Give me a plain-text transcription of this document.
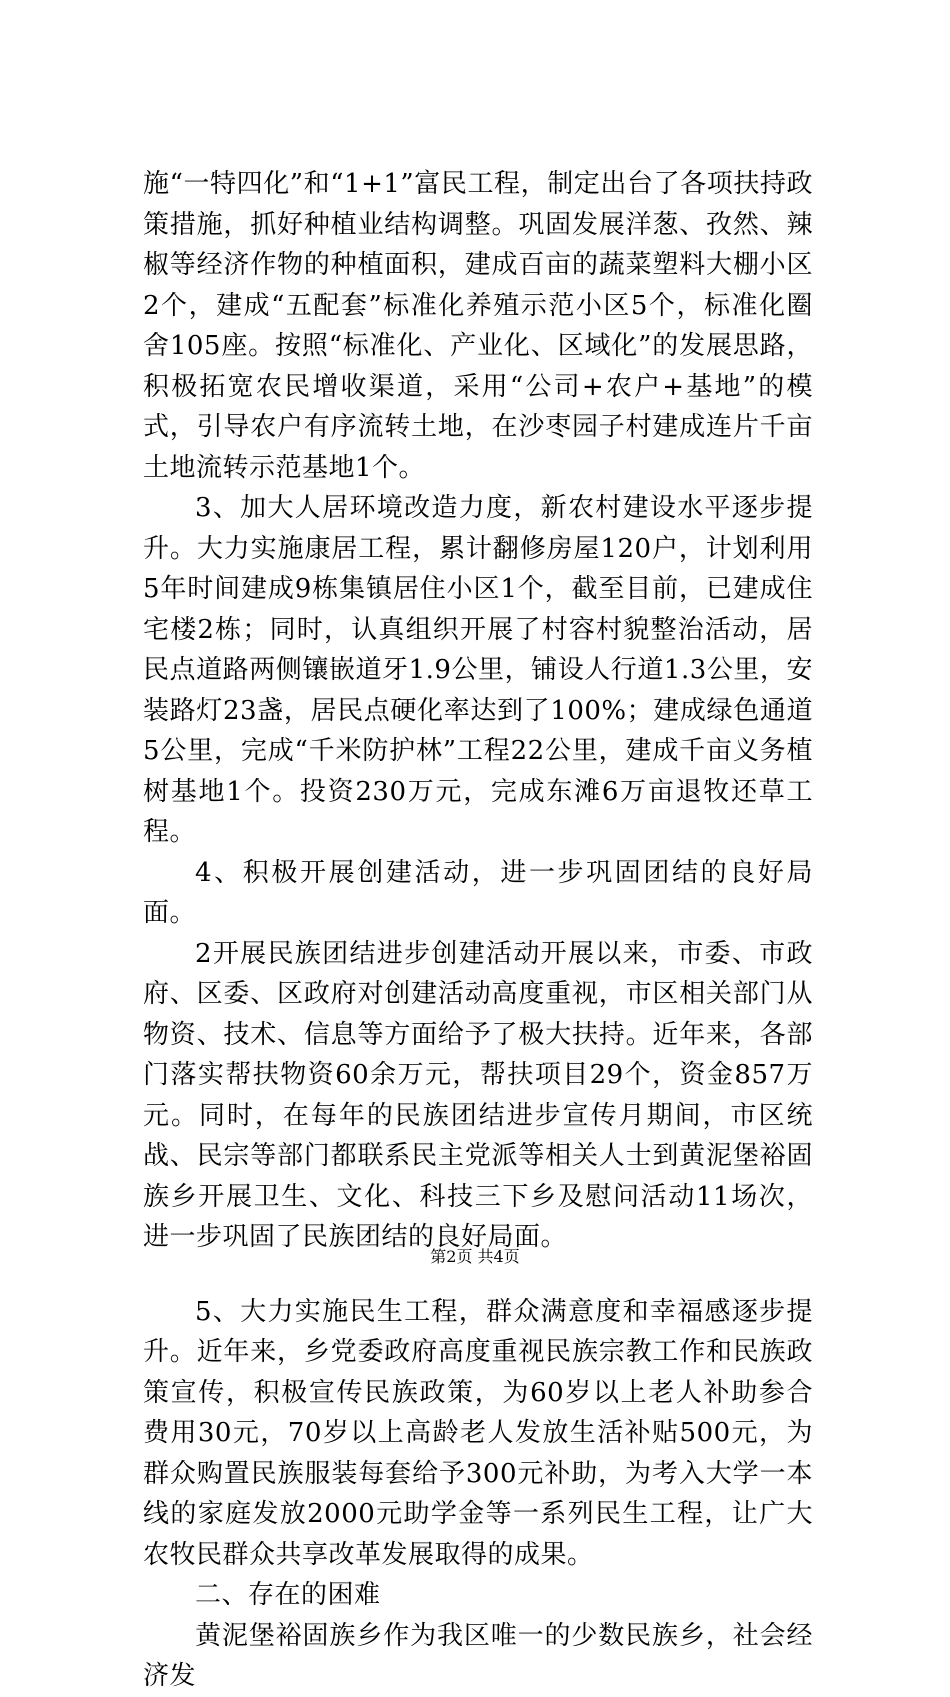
施“一特四化”和“1+1”富民工程，制定出台了各项扶持政策措施，抓好种植业结构调整。巩固发展洋葱、孜然、辣椒等经济作物的种植面积，建成百亩的蔬菜塑料大棚小区2个，建成“五配套”标准化养殖示范小区5个，标准化圈舍105座。按照“标准化、产业化、区域化”的发展思路，积极拓宽农民增收渠道，采用“公司+农户+基地”的模式，引导农户有序流转土地，在沙枣园子村建成连片千亩土地流转示范基地1个。

3、加大人居环境改造力度，新农村建设水平逐步提升。大力实施康居工程，累计翻修房屋120户，计划利用5年时间建成9栋集镇居住小区1个，截至目前，已建成住宅楼2栋；同时，认真组织开展了村容村貌整治活动，居民点道路两侧镶嵌道牙1.9公里，铺设人行道1.3公里，安装路灯23盏，居民点硬化率达到了100%；建成绿色通道5公里，完成“千米防护林”工程22公里，建成千亩义务植树基地1个。投资230万元，完成东滩6万亩退牧还草工程。

4、积极开展创建活动，进一步巩固团结的良好局面。

2开展民族团结进步创建活动开展以来，市委、市政府、区委、区政府对创建活动高度重视，市区相关部门从物资、技术、信息等方面给予了极大扶持。近年来，各部门落实帮扶物资60余万元，帮扶项目29个，资金857万元。同时，在每年的民族团结进步宣传月期间，市区统战、民宗等部门都联系民主党派等相关人士到黄泥堡裕固族乡开展卫生、文化、科技三下乡及慰问活动11场次，进一步巩固了民族团结的良好局面。

5、大力实施民生工程，群众满意度和幸福感逐步提升。近年来，乡党委政府高度重视民族宗教工作和民族政策宣传，积极宣传民族政策，为60岁以上老人补助参合费用30元，70岁以上高龄老人发放生活补贴500元，为群众购置民族服装每套给予300元补助，为考入大学一本线的家庭发放2000元助学金等一系列民生工程，让广大农牧民群众共享改革发展取得的成果。

二、存在的困难

黄泥堡裕固族乡作为我区唯一的少数民族乡，社会经济发

第2页 共4页
